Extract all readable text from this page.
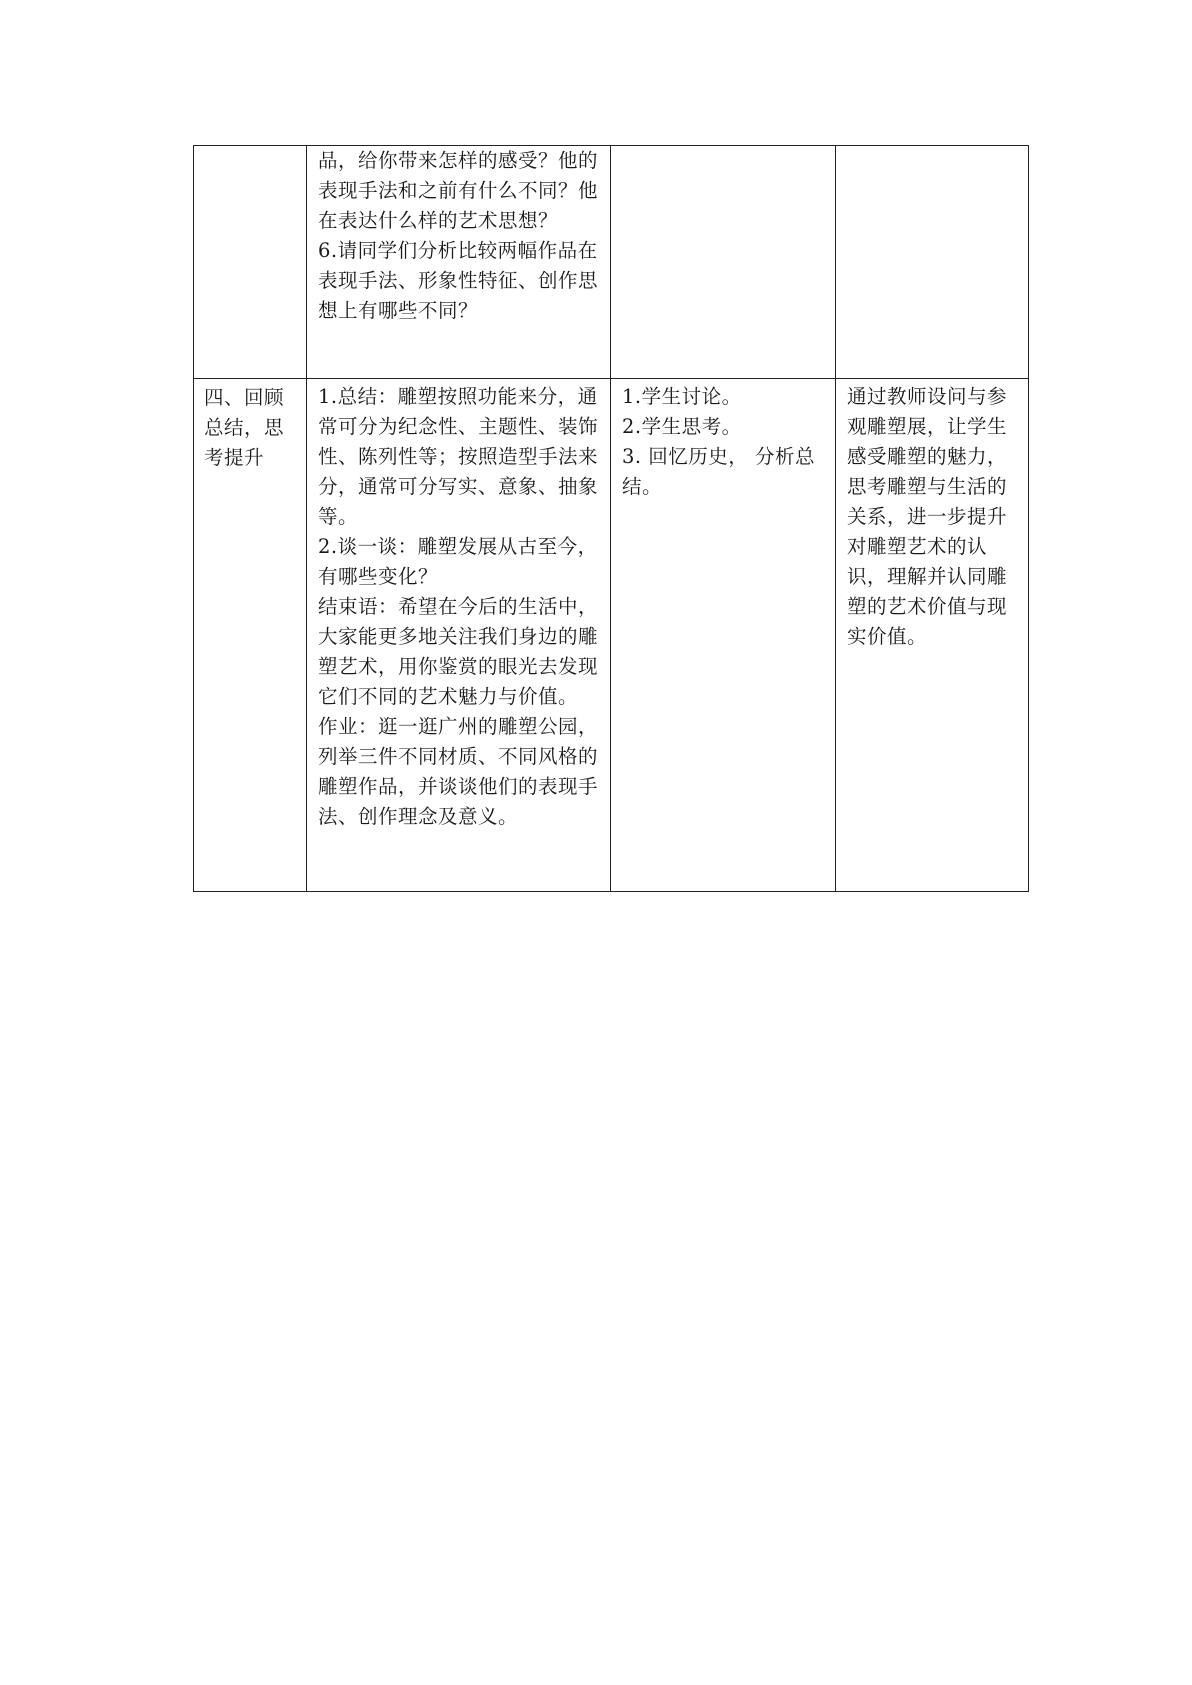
	品，给你带来怎样的感受？他的表现手法和之前有什么不同？他在表达什么样的艺术思想？
6.请同学们分析比较两幅作品在表现手法、形象性特征、创作思想上有哪些不同？		

四、回顾总结，思考提升	1.总结：雕塑按照功能来分，通常可分为纪念性、主题性、装饰性、陈列性等；按照造型手法来分，通常可分写实、意象、抽象等。
2.谈一谈：雕塑发展从古至今，有哪些变化？
结束语：希望在今后的生活中，大家能更多地关注我们身边的雕塑艺术，用你鉴赏的眼光去发现它们不同的艺术魅力与价值。
作业：逛一逛广州的雕塑公园，列举三件不同材质、不同风格的雕塑作品，并谈谈他们的表现手法、创作理念及意义。	1.学生讨论。
2.学生思考。
3. 回忆历史， 分析总结。	通过教师设问与参观雕塑展，让学生感受雕塑的魅力，思考雕塑与生活的关系，进一步提升对雕塑艺术的认识，理解并认同雕塑的艺术价值与现实价值。
